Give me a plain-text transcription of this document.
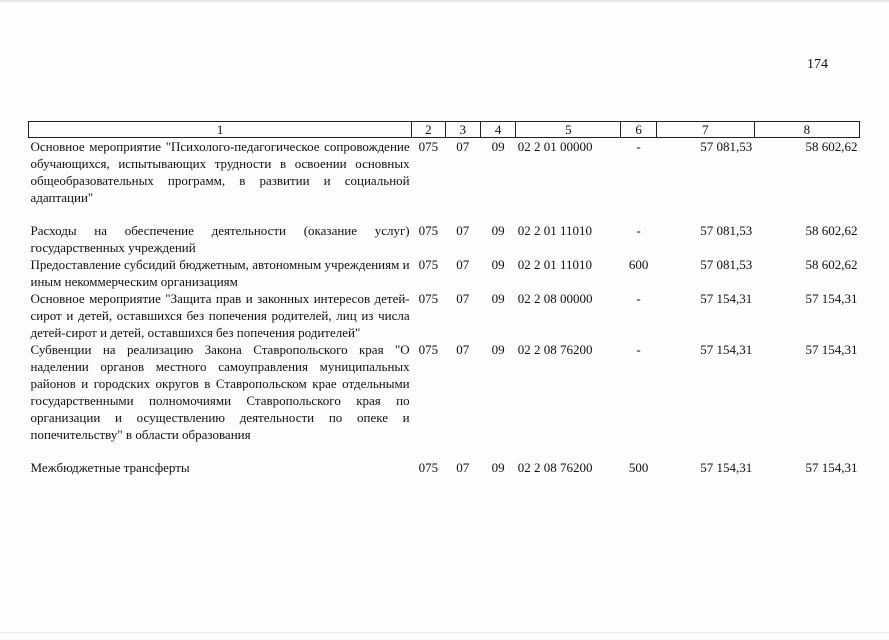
174
1	2	3	4	5	6	7	8
Основное мероприятие "Психолого-педагогическое сопровождение обучающихся, испытывающих трудности в освоении основных общеобразовательных программ, в развитии и социальной адаптации"	075	07	09	02 2 01 00000	-	57 081,53	58 602,62
Расходы на обеспечение деятельности (оказание услуг) государственных учреждений	075	07	09	02 2 01 11010	-	57 081,53	58 602,62
Предоставление субсидий бюджетным, автономным учреждениям и иным некоммерческим организациям	075	07	09	02 2 01 11010	600	57 081,53	58 602,62
Основное мероприятие "Защита прав и законных интересов детей-сирот и детей, оставшихся без попечения родителей, лиц из числа детей-сирот и детей, оставшихся без попечения родителей"	075	07	09	02 2 08 00000	-	57 154,31	57 154,31
Субвенции на реализацию Закона Ставропольского края "О наделении органов местного самоуправления муниципальных районов и городских округов в Ставропольском крае отдельными государственными полномочиями Ставропольского края по организации и осуществлению деятельности по опеке и попечительству" в области образования	075	07	09	02 2 08 76200	-	57 154,31	57 154,31
Межбюджетные трансферты	075	07	09	02 2 08 76200	500	57 154,31	57 154,31
